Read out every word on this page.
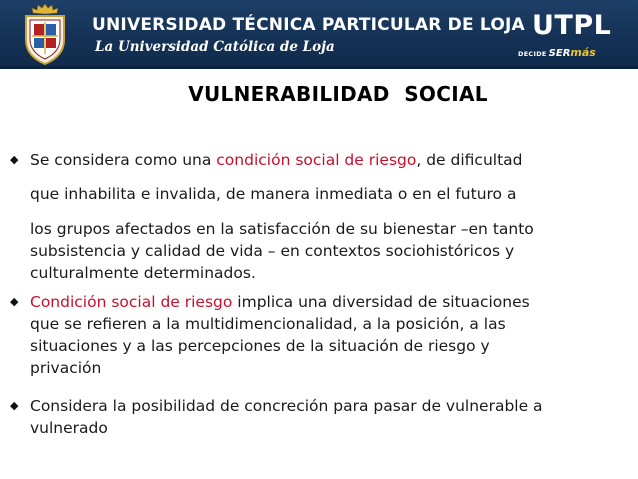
UNIVERSIDAD TÉCNICA PARTICULAR DE LOJA
La Universidad Católica de Loja
UTPL
DECIDE SERmás
VULNERABILIDAD  SOCIAL
◆ Se considera como una condición social de riesgo, de dificultad
que inhabilita e invalida, de manera inmediata o en el futuro a
los grupos afectados en la satisfacción de su bienestar –en tanto
subsistencia y calidad de vida – en contextos sociohistóricos y
culturalmente determinados.
◆ Condición social de riesgo implica una diversidad de situaciones
que se refieren a la multidimencionalidad, a la posición, a las
situaciones y a las percepciones de la situación de riesgo y
privación
◆ Considera la posibilidad de concreción para pasar de vulnerable a
vulnerado
